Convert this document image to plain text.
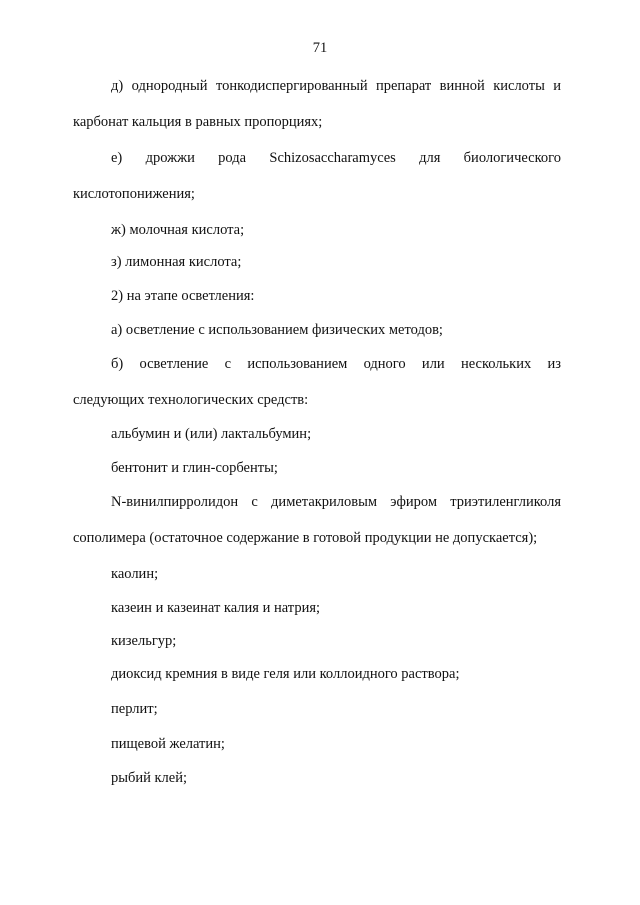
71

д) однородный тонкодиспергированный препарат винной кислоты и

карбонат кальция в равных пропорциях;

е) дрожжи рода Schizosaccharamyces для биологического

кислотопонижения;

ж) молочная кислота;

з) лимонная кислота;

2) на этапе осветления:

а) осветление с использованием физических методов;

б) осветление с использованием одного или нескольких из

следующих технологических средств:

альбумин и (или) лактальбумин;

бентонит и глин-сорбенты;

N-винилпирролидон с диметакриловым эфиром триэтиленгликоля

сополимера (остаточное содержание в готовой продукции не допускается);

каолин;

казеин и казеинат калия и натрия;

кизельгур;

диоксид кремния в виде геля или коллоидного раствора;

перлит;

пищевой желатин;

рыбий клей;
